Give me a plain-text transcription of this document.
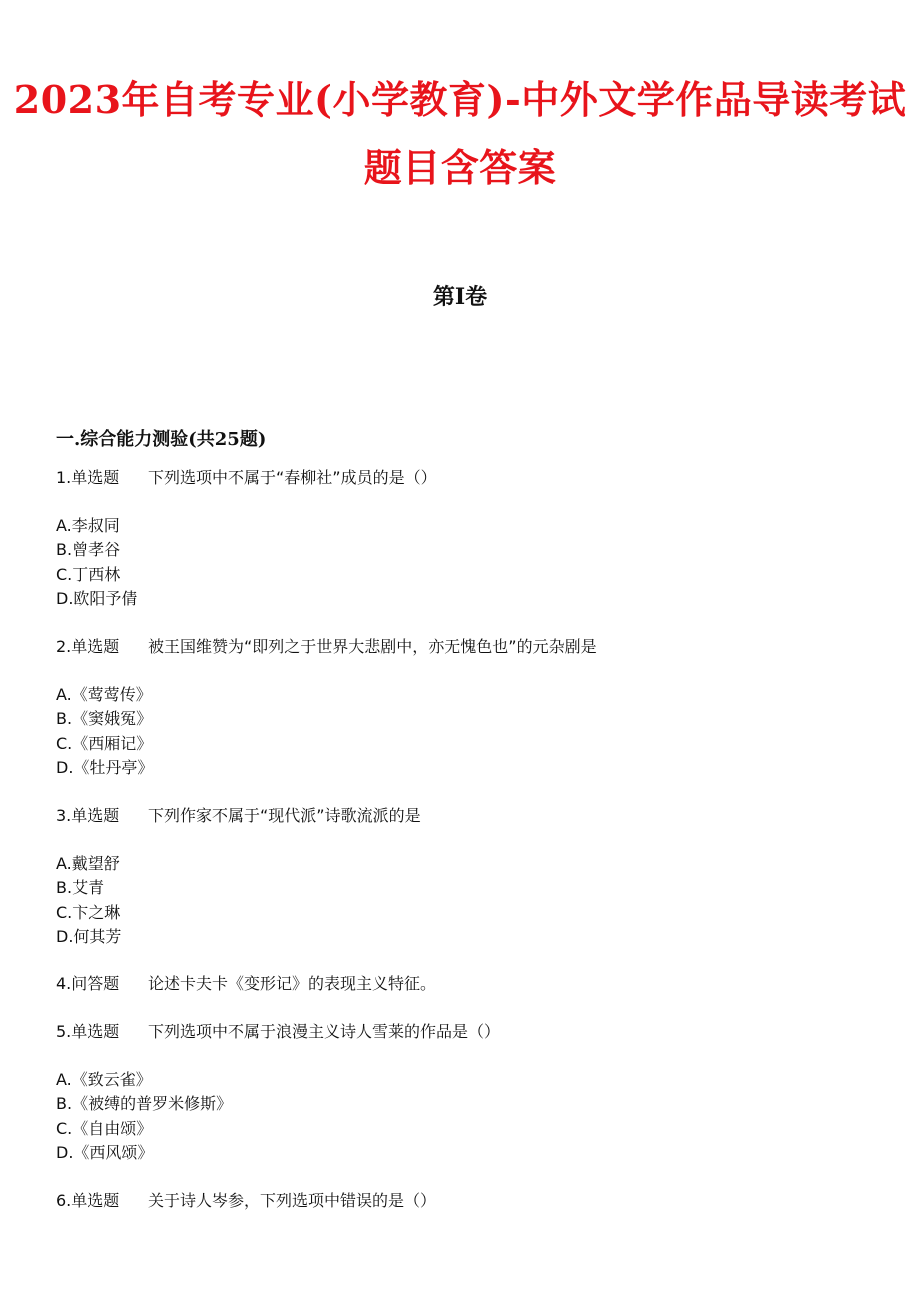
2023年自考专业(小学教育)-中外文学作品导读考试
题目含答案
第I卷
一.综合能力测验(共25题)
1.单选题 下列选项中不属于“春柳社”成员的是（）
A.李叔同
B.曾孝谷
C.丁西林
D.欧阳予倩
2.单选题 被王国维赞为“即列之于世界大悲剧中，亦无愧色也”的元杂剧是
A.《莺莺传》
B.《窦娥冤》
C.《西厢记》
D.《牡丹亭》
3.单选题 下列作家不属于“现代派”诗歌流派的是
A.戴望舒
B.艾青
C.卞之琳
D.何其芳
4.问答题 论述卡夫卡《变形记》的表现主义特征。
5.单选题 下列选项中不属于浪漫主义诗人雪莱的作品是（）
A.《致云雀》
B.《被缚的普罗米修斯》
C.《自由颂》
D.《西风颂》
6.单选题 关于诗人岑参，下列选项中错误的是（）
